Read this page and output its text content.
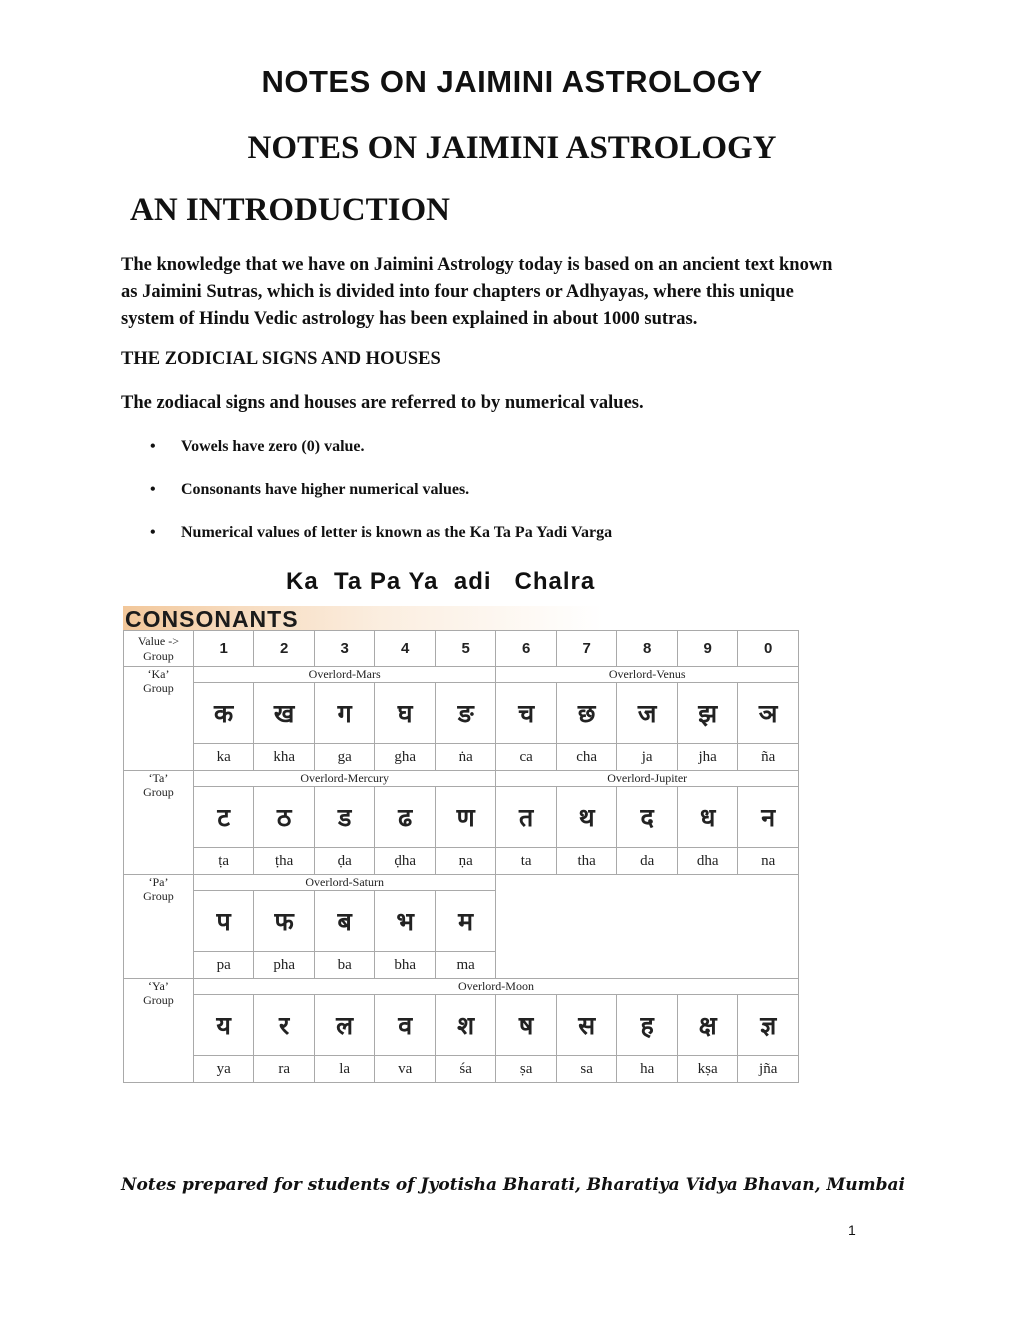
NOTES ON JAIMINI ASTROLOGY
NOTES ON JAIMINI ASTROLOGY
AN INTRODUCTION
The knowledge that we have on Jaimini Astrology today is based on an ancient text known
as Jaimini Sutras, which is divided into four chapters or Adhyayas, where this unique
system of Hindu Vedic astrology has been explained in about 1000 sutras.
THE ZODICIAL SIGNS AND HOUSES
The zodiacal signs and houses are referred to by numerical values.
• Vowels have zero (0) value.
• Consonants have higher numerical values.
• Numerical values of letter is known as the Ka Ta Pa Yadi Varga
Ka  Ta Pa Ya  adi   Chalra
CONSONANTS
Value ->
Group	1	2	3	4	5	6	7	8	9	0

‘Ka’
Group	Overlord-Mars					Overlord-Venus				
	क	ख	ग	घ	ङ	च	छ	ज	झ	ञ
	ka	kha	ga	gha	ṅa	ca	cha	ja	jha	ña

‘Ta’
Group	Overlord-Mercury					Overlord-Jupiter				
	ट	ठ	ड	ढ	ण	त	थ	द	ध	न
	ṭa	ṭha	ḍa	ḍha	ṇa	ta	tha	da	dha	na

‘Pa’
Group	Overlord-Saturn									
	प	फ	ब	भ	म					
	pa	pha	ba	bha	ma					

‘Ya’
Group	Overlord-Moon									
	य	र	ल	व	श	ष	स	ह	क्ष	ज्ञ
	ya	ra	la	va	śa	ṣa	sa	ha	kṣa	jña
Notes prepared for students of Jyotisha Bharati, Bharatiya Vidya Bhavan, Mumbai
1
